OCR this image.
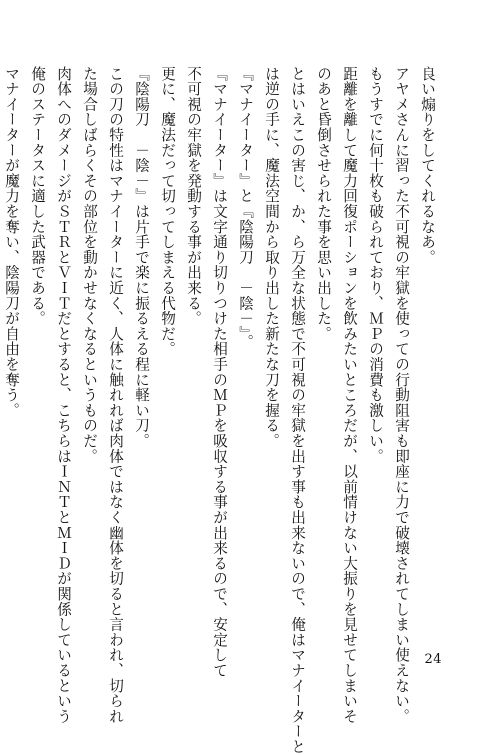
良い煽りをしてくれるなあ。
アヤメさんに習った不可視の牢獄を使っての行動阻害も即座に力で破壊されてしまい使えない。
もうすでに何十枚も破られており、ＭＰの消費も激しい。
距離を離して魔力回復ポーションを飲みたいところだが、以前情けない大振りを見せてしまいそ
のあと昏倒させられた事を思い出した。
とはいえこの害じ、か、ら万全な状態で不可視の牢獄を出す事も出来ないので、俺はマナイーターと
は逆の手に、魔法空間から取り出した新たな刀を握る。
『マナイーター』と『陰陽刀　－陰－』。
『マナイーター』は文字通り切りつけた相手のＭＰを吸収する事が出来るので、安定して
不可視の牢獄を発動する事が出来る。
更に、魔法だって切ってしまえる代物だ。
『陰陽刀　－陰－』は片手で楽に振るえる程に軽い刀。
この刀の特性はマナイーターに近く、人体に触れれば肉体ではなく幽体を切ると言われ、切られ
た場合しばらくその部位を動かせなくなるというものだ。
肉体へのダメージがＳＴＲとＶＩＴだとすると、こちらはＩＮＴとＭＩＤが関係しているという
俺のステータスに適した武器である。
マナイーターが魔力を奪い、陰陽刀が自由を奪う。
24
